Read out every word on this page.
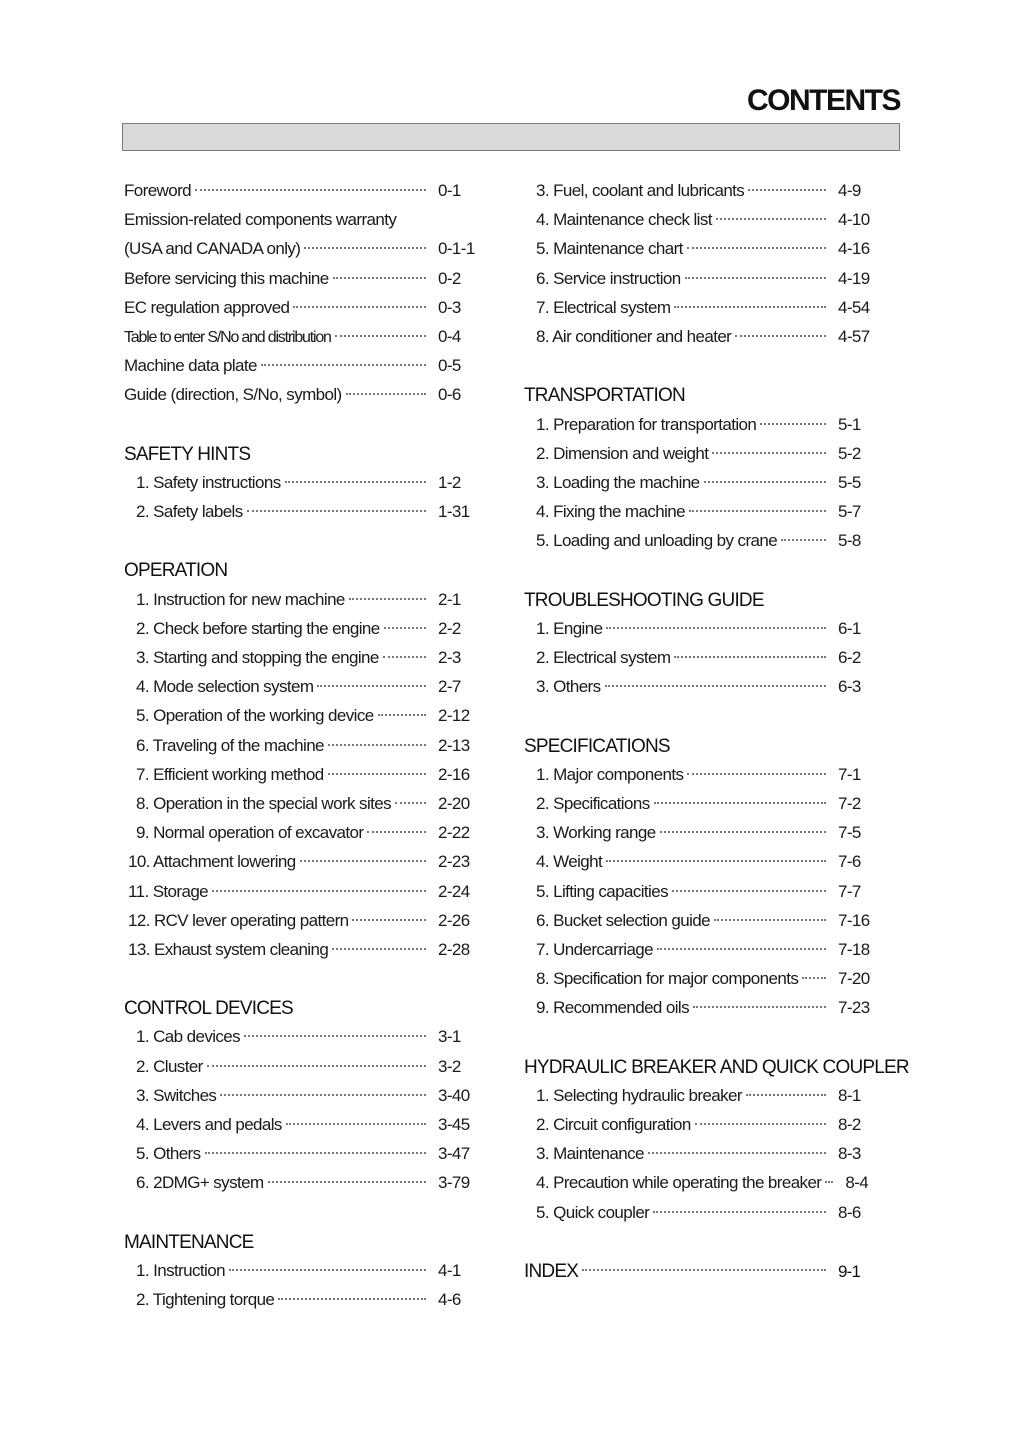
CONTENTS
Foreword	0-1
Emission-related components warranty
(USA and CANADA only)	0-1-1
Before servicing this machine	0-2
EC regulation approved	0-3
Table to enter S/No and distribution	0-4
Machine data plate	0-5
Guide (direction, S/No, symbol)	0-6
SAFETY HINTS
1. Safety instructions	1-2
2. Safety labels	1-31
OPERATION
1. Instruction for new machine	2-1
2. Check before starting the engine	2-2
3. Starting and stopping the engine	2-3
4. Mode selection system	2-7
5. Operation of the working device	2-12
6. Traveling of the machine	2-13
7. Efficient working method	2-16
8. Operation in the special work sites	2-20
9. Normal operation of excavator	2-22
10. Attachment lowering	2-23
11. Storage	2-24
12. RCV lever operating pattern	2-26
13. Exhaust system cleaning	2-28
CONTROL DEVICES
1. Cab devices	3-1
2. Cluster	3-2
3. Switches	3-40
4. Levers and pedals	3-45
5. Others	3-47
6. 2DMG+ system	3-79
MAINTENANCE
1. Instruction	4-1
2. Tightening torque	4-6
3. Fuel, coolant and lubricants	4-9
4. Maintenance check list	4-10
5. Maintenance chart	4-16
6. Service instruction	4-19
7. Electrical system	4-54
8. Air conditioner and heater	4-57
TRANSPORTATION
1. Preparation for transportation	5-1
2. Dimension and weight	5-2
3. Loading the machine	5-5
4. Fixing the machine	5-7
5. Loading and unloading by crane	5-8
TROUBLESHOOTING GUIDE
1. Engine	6-1
2. Electrical system	6-2
3. Others	6-3
SPECIFICATIONS
1. Major components	7-1
2. Specifications	7-2
3. Working range	7-5
4. Weight	7-6
5. Lifting capacities	7-7
6. Bucket selection guide	7-16
7. Undercarriage	7-18
8. Specification for major components	7-20
9. Recommended oils	7-23
HYDRAULIC BREAKER AND QUICK COUPLER
1. Selecting hydraulic breaker	8-1
2. Circuit configuration	8-2
3. Maintenance	8-3
4. Precaution while operating the breaker	8-4
5. Quick coupler	8-6
INDEX	9-1
